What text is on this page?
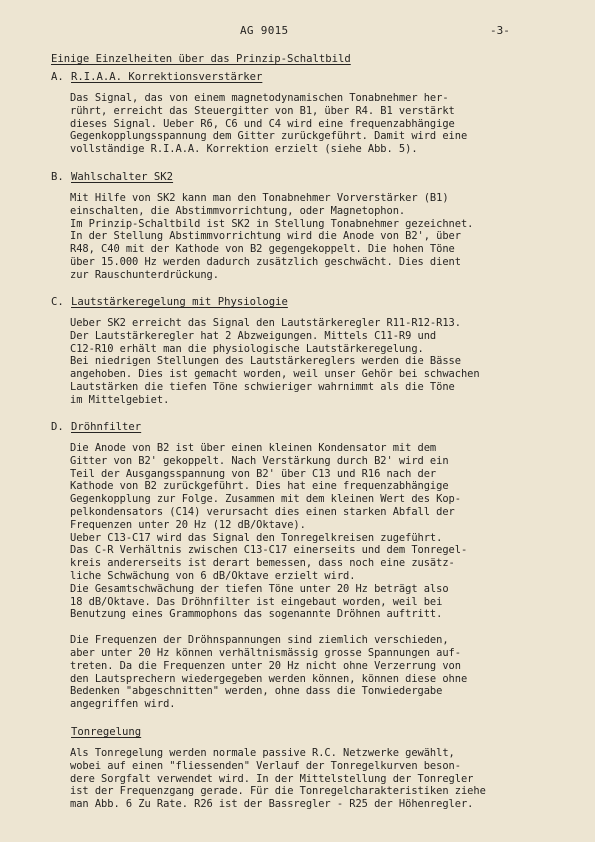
AG 9015	-3-
Einige Einzelheiten über das Prinzip-Schaltbild
A. R.I.A.A. Korrektionsverstärker
Das Signal, das von einem magnetodynamischen Tonabnehmer her-
rührt, erreicht das Steuergitter von B1, über R4. B1 verstärkt
dieses Signal. Ueber R6, C6 und C4 wird eine frequenzabhängige
Gegenkopplungsspannung dem Gitter zurückgeführt. Damit wird eine
vollständige R.I.A.A. Korrektion erzielt (siehe Abb. 5).
B. Wahlschalter SK2
Mit Hilfe von SK2 kann man den Tonabnehmer Vorverstärker (B1)
einschalten, die Abstimmvorrichtung, oder Magnetophon.
Im Prinzip-Schaltbild ist SK2 in Stellung Tonabnehmer gezeichnet.
In der Stellung Abstimmvorrichtung wird die Anode von B2', über
R48, C40 mit der Kathode von B2 gegengekoppelt. Die hohen Töne
über 15.000 Hz werden dadurch zusätzlich geschwächt. Dies dient
zur Rauschunterdrückung.
C. Lautstärkeregelung mit Physiologie
Ueber SK2 erreicht das Signal den Lautstärkeregler R11-R12-R13.
Der Lautstärkeregler hat 2 Abzweigungen. Mittels C11-R9 und
C12-R10 erhält man die physiologische Lautstärkeregelung.
Bei niedrigen Stellungen des Lautstärkereglers werden die Bässe
angehoben. Dies ist gemacht worden, weil unser Gehör bei schwachen
Lautstärken die tiefen Töne schwieriger wahrnimmt als die Töne
im Mittelgebiet.
D. Dröhnfilter
Die Anode von B2 ist über einen kleinen Kondensator mit dem
Gitter von B2' gekoppelt. Nach Verstärkung durch B2' wird ein
Teil der Ausgangsspannung von B2' über C13 und R16 nach der
Kathode von B2 zurückgeführt. Dies hat eine frequenzabhängige
Gegenkopplung zur Folge. Zusammen mit dem kleinen Wert des Kop-
pelkondensators (C14) verursacht dies einen starken Abfall der
Frequenzen unter 20 Hz (12 dB/Oktave).
Ueber C13-C17 wird das Signal den Tonregelkreisen zugeführt.
Das C-R Verhältnis zwischen C13-C17 einerseits und dem Tonregel-
kreis andererseits ist derart bemessen, dass noch eine zusätz-
liche Schwächung von 6 dB/Oktave erzielt wird.
Die Gesamtschwächung der tiefen Töne unter 20 Hz beträgt also
18 dB/Oktave. Das Dröhnfilter ist eingebaut worden, weil bei
Benutzung eines Grammophons das sogenannte Dröhnen auftritt.
Die Frequenzen der Dröhnspannungen sind ziemlich verschieden,
aber unter 20 Hz können verhältnismässig grosse Spannungen auf-
treten. Da die Frequenzen unter 20 Hz nicht ohne Verzerrung von
den Lautsprechern wiedergegeben werden können, können diese ohne
Bedenken "abgeschnitten" werden, ohne dass die Tonwiedergabe
angegriffen wird.
Tonregelung
Als Tonregelung werden normale passive R.C. Netzwerke gewählt,
wobei auf einen "fliessenden" Verlauf der Tonregelkurven beson-
dere Sorgfalt verwendet wird. In der Mittelstellung der Tonregler
ist der Frequenzgang gerade. Für die Tonregelcharakteristiken ziehe
man Abb. 6 Zu Rate. R26 ist der Bassregler - R25 der Höhenregler.
